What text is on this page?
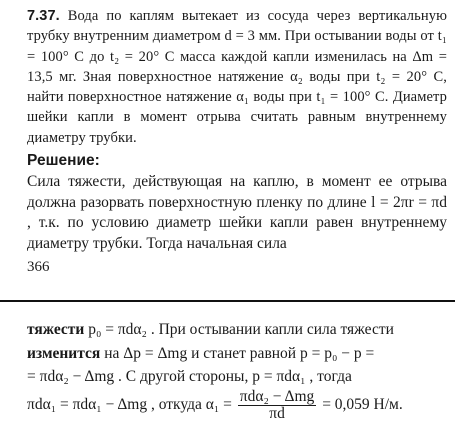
7.37. Вода по каплям вытекает из сосуда через вертикальную трубку внутренним диаметром d = 3 мм. При остывании воды от t₁ = 100° С до t₂ = 20° С масса каждой капли изменилась на Δm = 13,5 мг. Зная поверхностное натяжение α₂ воды при t₂ = 20° С, найти поверхностное натяжение α₁ воды при t₁ = 100° С. Диаметр шейки капли в момент отрыва считать равным внутреннему диаметру трубки.
Решение:
Сила тяжести, действующая на каплю, в момент ее отрыва должна разорвать поверхностную пленку по длине l = 2πr = πd , т.к. по условию диаметр шейки капли равен внутреннему диаметру трубки. Тогда начальная сила
366
тяжести p₀ = πdα₂ . При остывании капли сила тяжести
изменится на Δp = Δmg и станет равной p = p₀ − p =
= πdα₂ − Δmg . С другой стороны, p = πdα₁ , тогда
πdα₁ = πdα₁ − Δmg , откуда $\alpha_1 = \frac{\text{πdα₂ − Δmg}}{\pi d} = 0,059$ Н/м.
